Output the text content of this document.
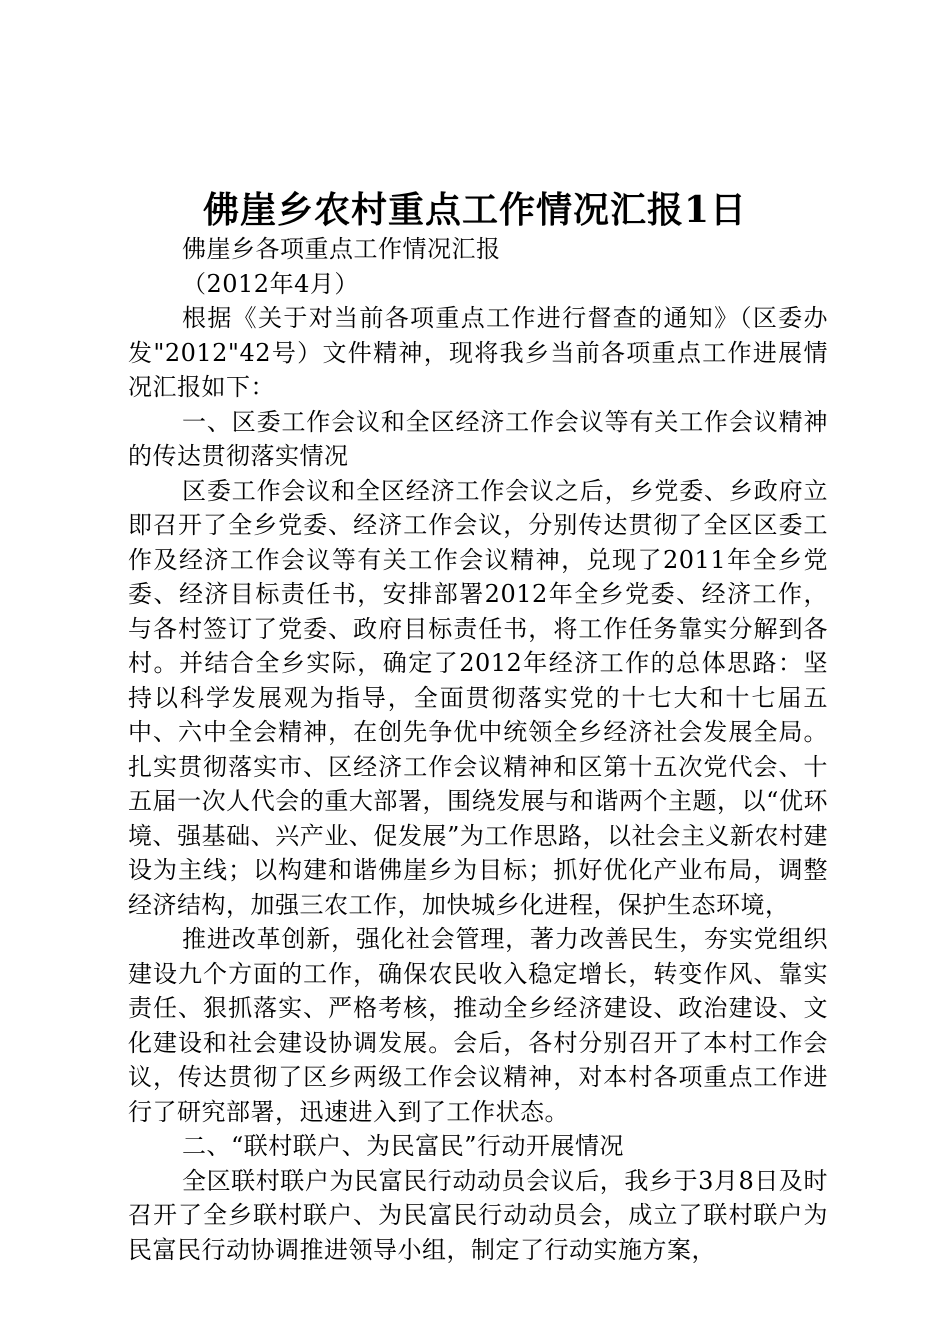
佛崖乡农村重点工作情况汇报1日

佛崖乡各项重点工作情况汇报

（2012年4月）

根据《关于对当前各项重点工作进行督查的通知》（区委办发"2012"42号）文件精神，现将我乡当前各项重点工作进展情况汇报如下：

一、区委工作会议和全区经济工作会议等有关工作会议精神的传达贯彻落实情况

区委工作会议和全区经济工作会议之后，乡党委、乡政府立即召开了全乡党委、经济工作会议，分别传达贯彻了全区区委工作及经济工作会议等有关工作会议精神，兑现了2011年全乡党委、经济目标责任书，安排部署2012年全乡党委、经济工作，与各村签订了党委、政府目标责任书，将工作任务靠实分解到各村。并结合全乡实际，确定了2012年经济工作的总体思路：坚持以科学发展观为指导，全面贯彻落实党的十七大和十七届五中、六中全会精神，在创先争优中统领全乡经济社会发展全局。扎实贯彻落实市、区经济工作会议精神和区第十五次党代会、十五届一次人代会的重大部署，围绕发展与和谐两个主题，以“优环境、强基础、兴产业、促发展”为工作思路，以社会主义新农村建设为主线；以构建和谐佛崖乡为目标；抓好优化产业布局，调整经济结构，加强三农工作，加快城乡化进程，保护生态环境，

推进改革创新，强化社会管理，著力改善民生，夯实党组织建设九个方面的工作，确保农民收入稳定增长，转变作风、靠实责任、狠抓落实、严格考核，推动全乡经济建设、政治建设、文化建设和社会建设协调发展。会后，各村分别召开了本村工作会议，传达贯彻了区乡两级工作会议精神，对本村各项重点工作进行了研究部署，迅速进入到了工作状态。

二、“联村联户、为民富民”行动开展情况

全区联村联户为民富民行动动员会议后，我乡于3月8日及时召开了全乡联村联户、为民富民行动动员会，成立了联村联户为民富民行动协调推进领导小组，制定了行动实施方案，
